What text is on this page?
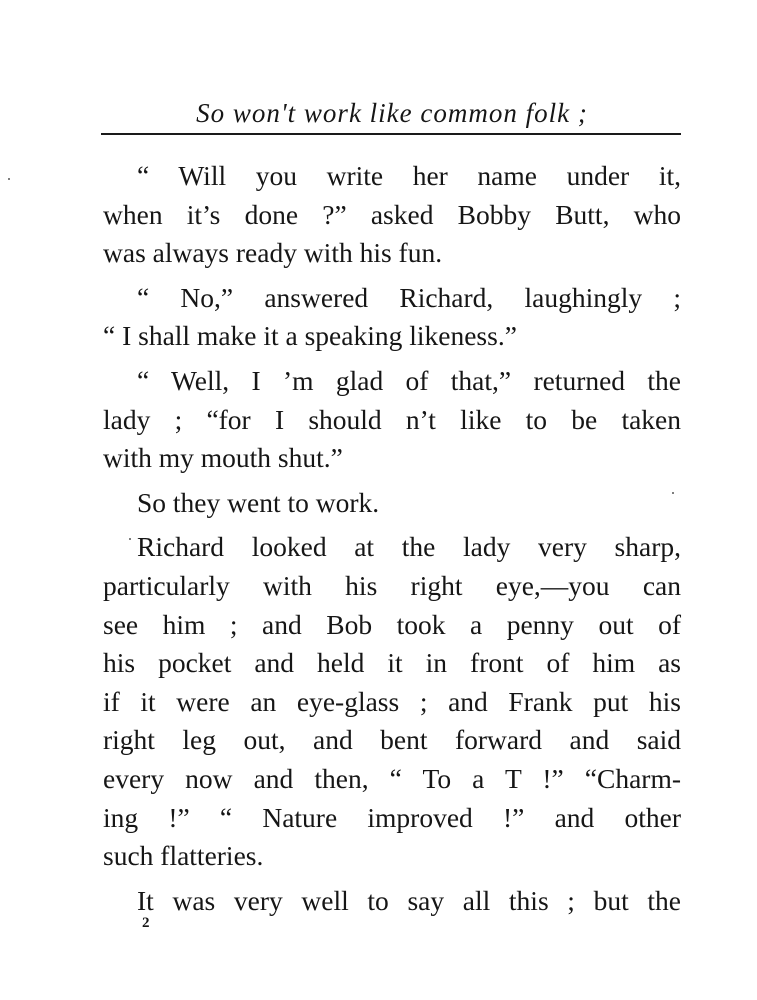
So won't work like common folk ;
“ Will you write her name under it,
when it’s done ?” asked Bobby Butt, who
was always ready with his fun.
“ No,” answered Richard, laughingly ;
“ I shall make it a speaking likeness.”
“ Well, I ’m glad of that,” returned the
lady ; “for I should n’t like to be taken
with my mouth shut.”
So they went to work.
Richard looked at the lady very sharp,
particularly with his right eye,—you can
see him ; and Bob took a penny out of
his pocket and held it in front of him as
if it were an eye-glass ; and Frank put his
right leg out, and bent forward and said
every now and then, “ To a T !” “Charm-
ing !” “ Nature improved !” and other
such flatteries.
It was very well to say all this ; but the
2
